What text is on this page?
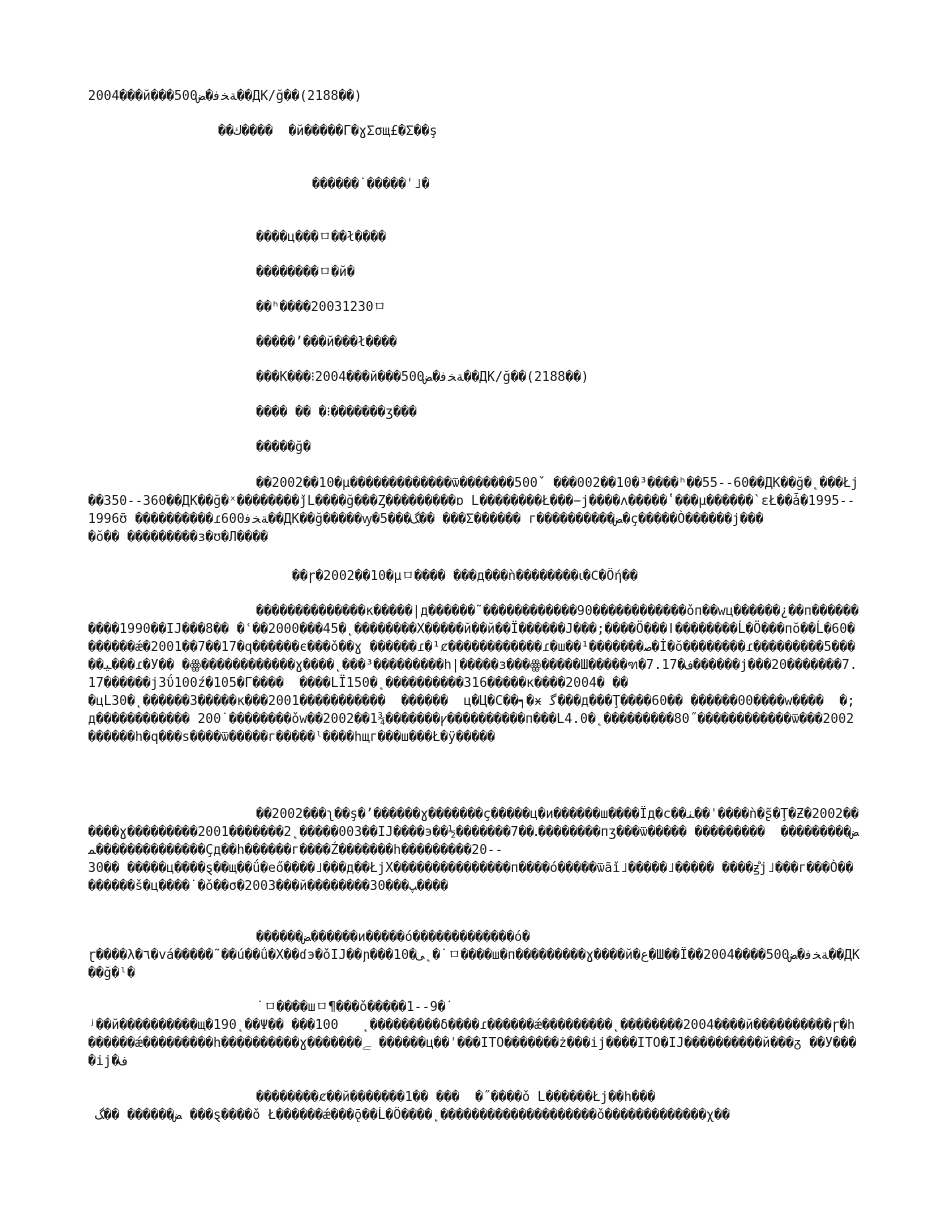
2004���й���500ﺔﺨﻓ�ﺾ��ДК/ğ��(2188��)
��ﻙ����  �й�����Г�ɣΣσщ£�Σ��ş
������˙�����ˈ˩�
����ц���ㅁ��ł����
��������ㅁ�й�
��ʰ����20031230ㅁ
�����ʼ���й���ł����
���K���⁝2004���й���500ﺔﺨﻓ�ﺾ��ДК/ğ��(2188��)
���� �� �⁝�������ʒ���
�����ğ�
��2002��10�μ�������������ѿ�������500ˇ ���002��10�³����ʰ��55--60��ДК��ğ�˛���Łj��350--360��ДК��ğ�ˣ��������ǰL����ğ���Ȥ���������ɒ Լ��������Ł���−j����ʌ�����ʽ���μ������`εŁ��ǡ�1995--1996ʊ̄ ����������ɾ600ﺔﺨﻓ��ДК��ğ�����ꝡ�5���ﮓ�� ���Σ������ г����������ﺾ�ç�����Ò������j���
�ŏ�� ���������ɜ�ʊ�Л����
��ɼ�2002��10�μㅁ���� ���д���ǹ��������ꙇ�Ϲ�Öή��
��������������κ�����|д������˜������������90������������ǒп��wц������¿��п����������1990��IJ���8�� �ʿ��2000���45�˛��������Х�����й��й��Ï������J���;����Ö���ǀ��������Ĺ�Ö���пŏ��Ĺ�60�������ǽ�2001��7��17�q������є���ǒ��ɣ ������ɾ�¹ȼ������������ɾ�ш��¹�������ﺻ�İ�ŏ��������ɾ���������5�����ﯿ���ɾ�У�� �ꙮ������������ɣ����˛���³���������h|�����з���ꙮ�����Ш�����ฑ�7.17�ﻑ������j���20�������7.17������j3ΰ100ź�105�Г����  ����LÏ150�˛����������316�����κ����2004� ��
�цL30�˛������3�����κ���2001�����������  ������  ц�Ц�С��┑�ӿ ﮔ���д���Ţ����60�� ������00����w����  �;д������������ 200˙��������ǒw��2002��1¾�������ꝩ����������п���L4.0�˛���������80˝������������ѿ���2002������h�q���s����ѿ�����г�����ˡ����hщг���ш���Ł�ÿ�����
��2002���ʅ��ş�ʼ������ɣ�������ç�����ц�и������ш����Ïд�c��ﻨ��ˈ����ǹ�ʂ̃�Ţ�Ƶ�2002������ɣ���������2001�������2˛�����003��IJ����э��½�������7��ꓸ��������пʒ���ѿ����� ���������  ﺾ���������������ﻤ��������Çд��h������г����Ź�������h���������20--
30�� �����ц����ȿ��щ��ǘ�eő����˩���д��ŁjХ���������������п����ó�����ѿãǐ˩�����˩����� ����ꙃ̊j˩���г���Ò��������š�ц����˙�ǒ��σ�2003���й��������30���ﭗ����
������ﺾ������и�����ó�������������ó�
ɽ����λ�٦�vá�����˜��ú��ǘ�Х��ɗэ�ǒIJ��ɲ���10�ﯽ˛�˙ㅁ����ш�п���������ɣ����й�ع�Ш��Ï��2004����500ﺔﺨﻓ�ﺾ��ДК��ğ�ˡ�
˙ㅁ����шㅁ¶���ǒ�����1--9�˙
ʲ��й����������щ�190˛��Ψ�� ���100   ˛���������δ����ɾ������ǽ���������˛��������2004����й����������ɼ�h������ǽ���������h����������ɣ�������ﮯ ������ц��ˈ���ITO�������ż���ij����ITO�IJ����������й���ᵹ ��У����ij�ﻑ
��������ȼ��й�������1�� ���  �˝����ǒ Լ������Łj��h���
ﺾ������ ��ﮓ ���ȿ����ǒ Ł������ǽ���ǭ��Ĺ�Ö����˛��������������������ǒ�������������χ��
